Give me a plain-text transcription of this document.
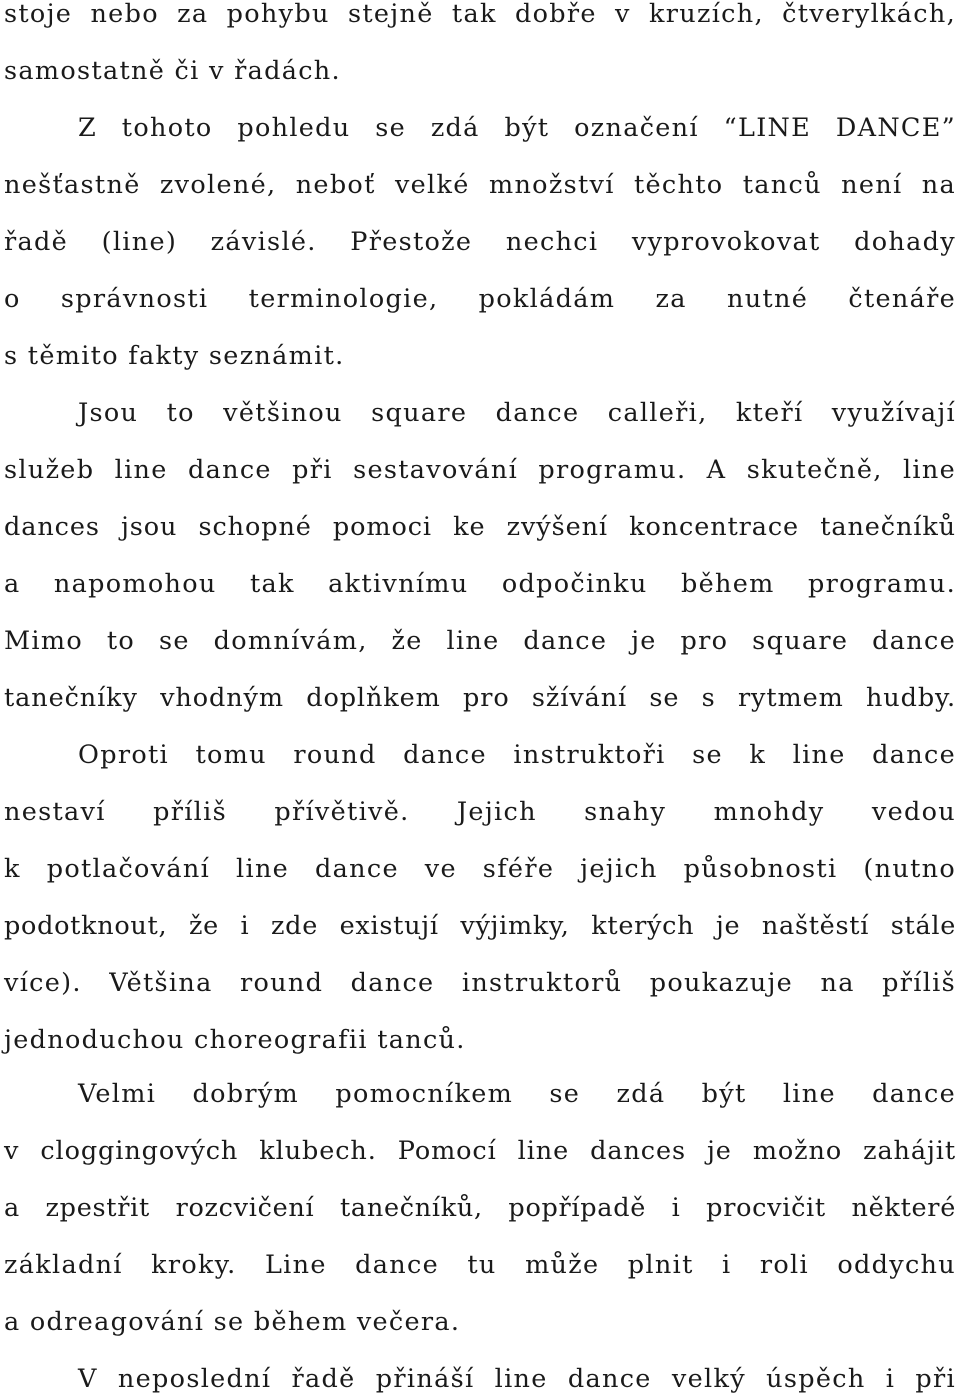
stoje nebo za pohybu stejně tak dobře v kruzích, čtverylkách,
samostatně či v řadách.
Z tohoto pohledu se zdá být označení “LINE DANCE”
nešťastně zvolené, neboť velké množství těchto tanců není na
řadě (line) závislé. Přestože nechci vyprovokovat dohady
o správnosti terminologie, pokládám za nutné čtenáře
s těmito fakty seznámit.
Jsou to většinou square dance calleři, kteří využívají
služeb line dance při sestavování programu. A skutečně, line
dances jsou schopné pomoci ke zvýšení koncentrace tanečníků
a napomohou tak aktivnímu odpočinku během programu.
Mimo to se domnívám, že line dance je pro square dance
tanečníky vhodným doplňkem pro sžívání se s rytmem hudby.
Oproti tomu round dance instruktoři se k line dance
nestaví příliš přívětivě. Jejich snahy mnohdy vedou
k potlačování line dance ve sféře jejich působnosti (nutno
podotknout, že i zde existují výjimky, kterých je naštěstí stále
více). Většina round dance instruktorů poukazuje na příliš
jednoduchou choreografii tanců.
Velmi dobrým pomocníkem se zdá být line dance
v cloggingových klubech. Pomocí line dances je možno zahájit
a zpestřit rozcvičení tanečníků, popřípadě i procvičit některé
základní kroky. Line dance tu může plnit i roli oddychu
a odreagování se během večera.
V neposlední řadě přináší line dance velký úspěch i při
